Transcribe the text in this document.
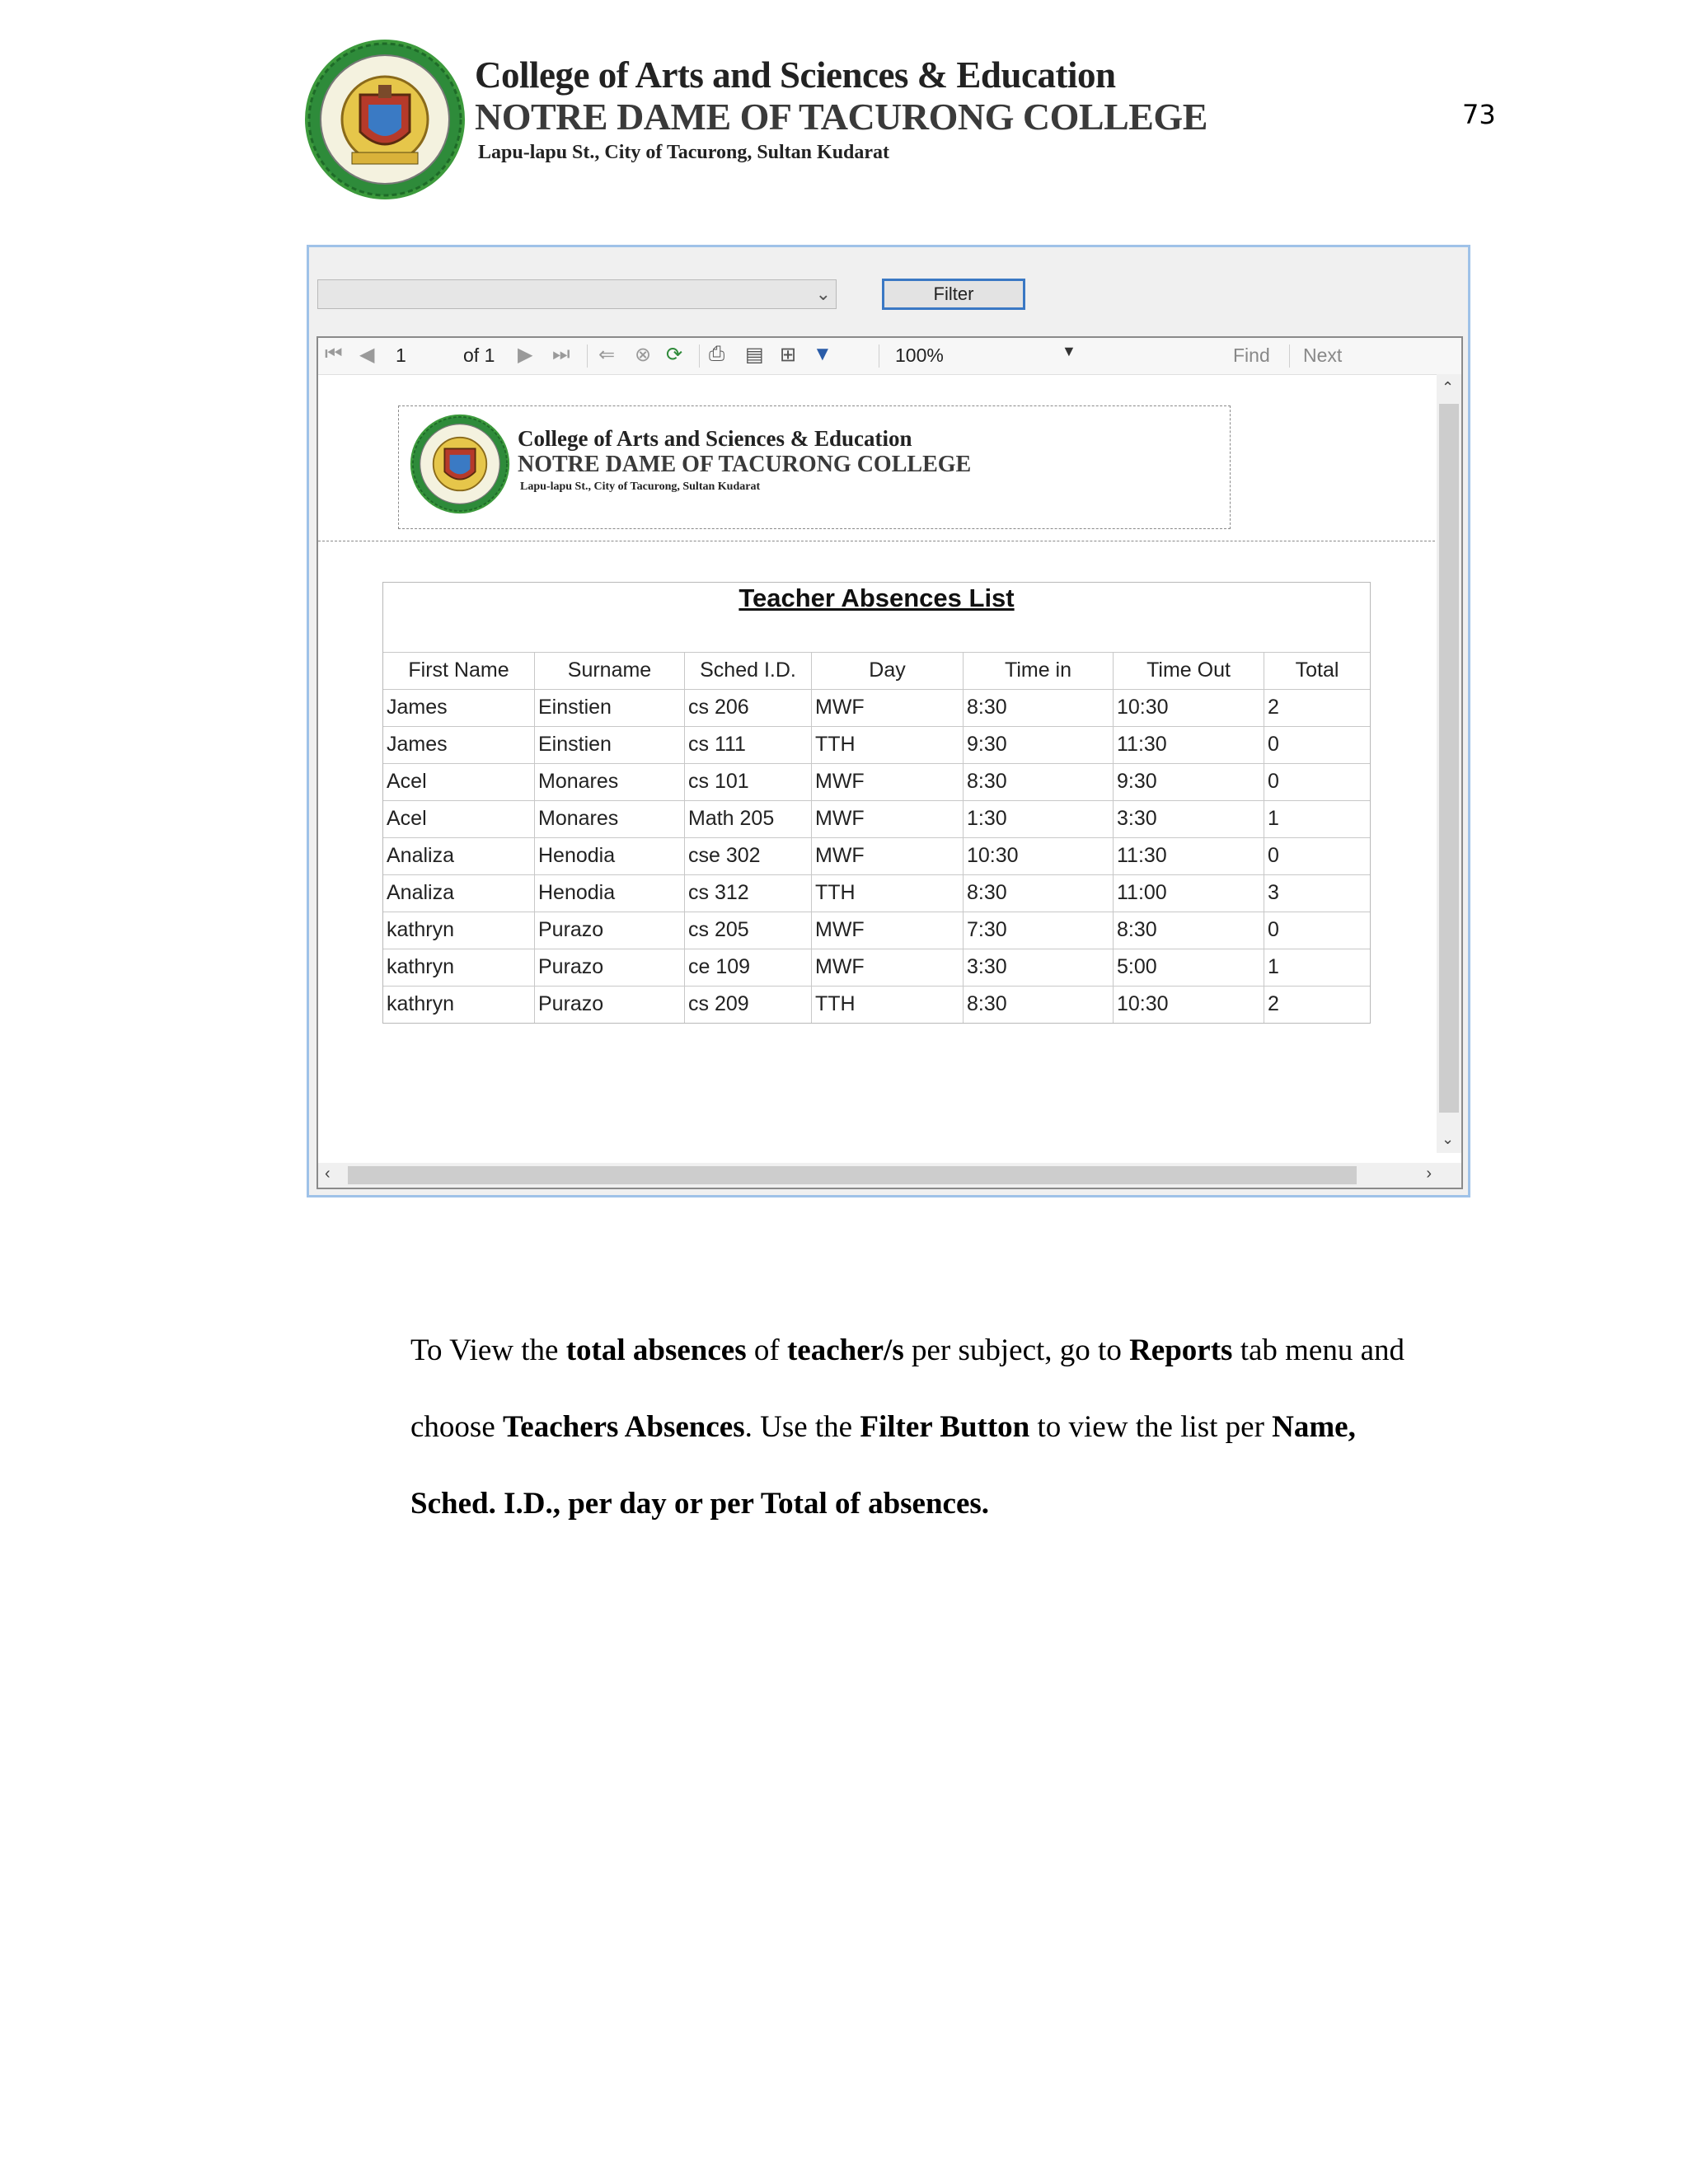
College of Arts and Sciences & Education
NOTRE DAME OF TACURONG COLLEGE
Lapu-lapu St., City of Tacurong, Sultan Kudarat
73
⌄	Filter
⏮ ◀ 1	of 1 ▶ ⏭ ⇐ ⊗ ⟳ ⎙ ▤ ⊞ ▼	100%	▼	Find Next
College of Arts and Sciences & Education
NOTRE DAME OF TACURONG COLLEGE
Lapu-lapu St., City of Tacurong, Sultan Kudarat
Teacher Absences List
First Name	Surname	Sched I.D.	Day	Time in	Time Out	Total
James	Einstien	cs 206	MWF	8:30	10:30	2
James	Einstien	cs 111	TTH	9:30	11:30	0
Acel	Monares	cs 101	MWF	8:30	9:30	0
Acel	Monares	Math 205	MWF	1:30	3:30	1
Analiza	Henodia	cse 302	MWF	10:30	11:30	0
Analiza	Henodia	cs 312	TTH	8:30	11:00	3
kathryn	Purazo	cs 205	MWF	7:30	8:30	0
kathryn	Purazo	ce 109	MWF	3:30	5:00	1
kathryn	Purazo	cs 209	TTH	8:30	10:30	2
⌃
⌄
‹	›
To View the total absences of teacher/s per subject, go to Reports tab menu and choose Teachers Absences. Use the Filter Button to view the list per Name, Sched. I.D., per day or per Total of absences.
